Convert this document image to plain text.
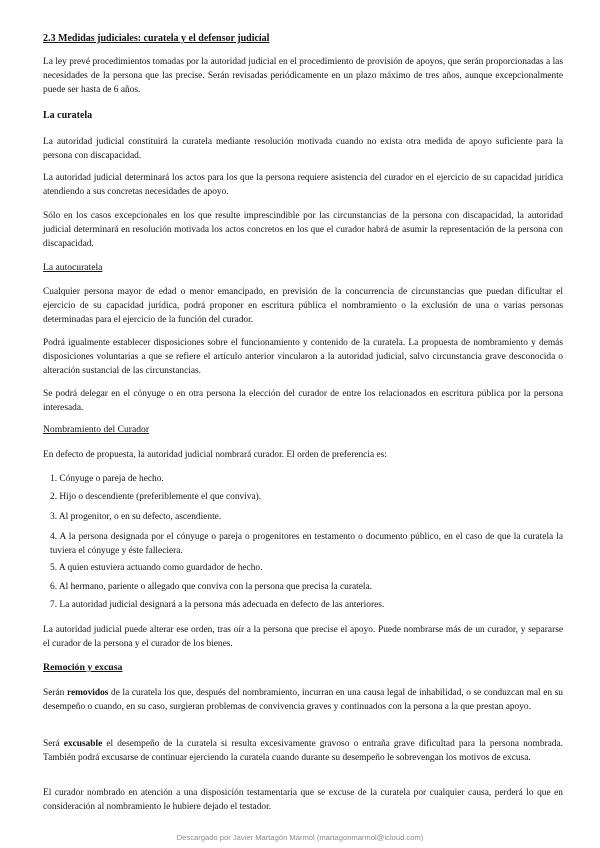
2.3 Medidas judiciales: curatela y el defensor judicial

La ley prevé procedimientos tomadas por la autoridad judicial en el procedimiento de provisión de apoyos, que serán proporcionadas a las necesidades de la persona que las precise. Serán revisadas periódicamente en un plazo máximo de tres años, aunque excepcionalmente puede ser hasta de 6 años.

La curatela

La autoridad judicial constituirá la curatela mediante resolución motivada cuando no exista otra medida de apoyo suficiente para la persona con discapacidad.

La autoridad judicial determinará los actos para los que la persona requiere asistencia del curador en el ejercicio de su capacidad jurídica atendiendo a sus concretas necesidades de apoyo.

Sólo en los casos excepcionales en los que resulte imprescindible por las circunstancias de la persona con discapacidad, la autoridad judicial determinará en resolución motivada los actos concretos en los que el curador habrá de asumir la representación de la persona con discapacidad.

La autocuratela

Cualquier persona mayor de edad o menor emancipado, en previsión de la concurrencia de circunstancias que puedan dificultar el ejercicio de su capacidad jurídica, podrá proponer en escritura pública el nombramiento o la exclusión de una o varias personas determinadas para el ejercicio de la función del curador.

Podrá igualmente establecer disposiciones sobre el funcionamiento y contenido de la curatela. La propuesta de nombramiento y demás disposiciones voluntarias a que se refiere el artículo anterior vincularon a la autoridad judicial, salvo circunstancia grave desconocida o alteración sustancial de las circunstancias.

Se podrá delegar en el cónyuge o en otra persona la elección del curador de entre los relacionados en escritura pública por la persona interesada.

Nombramiento del Curador

En defecto de propuesta, la autoridad judicial nombrará curador. El orden de preferencia es:

1. Cónyuge o pareja de hecho.

2. Hijo o descendiente (preferiblemente el que conviva).

3. Al progenitor, o en su defecto, ascendiente.

4. A la persona designada por el cónyuge o pareja o progenitores en testamento o documento público, en el caso de que la curatela la tuviera el cónyuge y éste falleciera.

5. A quien estuviera actuando como guardador de hecho.

6. Al hermano, pariente o allegado que conviva con la persona que precisa la curatela.

7. La autoridad judicial designará a la persona más adecuada en defecto de las anteriores.

La autoridad judicial puede alterar ese orden, tras oír a la persona que precise el apoyo. Puede nombrarse más de un curador, y separarse el curador de la persona y el curador de los bienes.

Remoción y excusa

Serán removidos de la curatela los que, después del nombramiento, incurran en una causa legal de inhabilidad, o se conduzcan mal en su desempeño o cuando, en su caso, surgieran problemas de convivencia graves y continuados con la persona a la que prestan apoyo.

Será excusable el desempeño de la curatela si resulta excesivamente gravoso o entraña grave dificultad para la persona nombrada. También podrá excusarse de continuar ejerciendo la curatela cuando durante su desempeño le sobrevengan los motivos de excusa.

El curador nombrado en atención a una disposición testamentaria que se excuse de la curatela por cualquier causa, perderá lo que en consideración al nombramiento le hubiere dejado el testador.

Descargado por Javier Martagón Mármol (martagonmarmol@icloud.com)
